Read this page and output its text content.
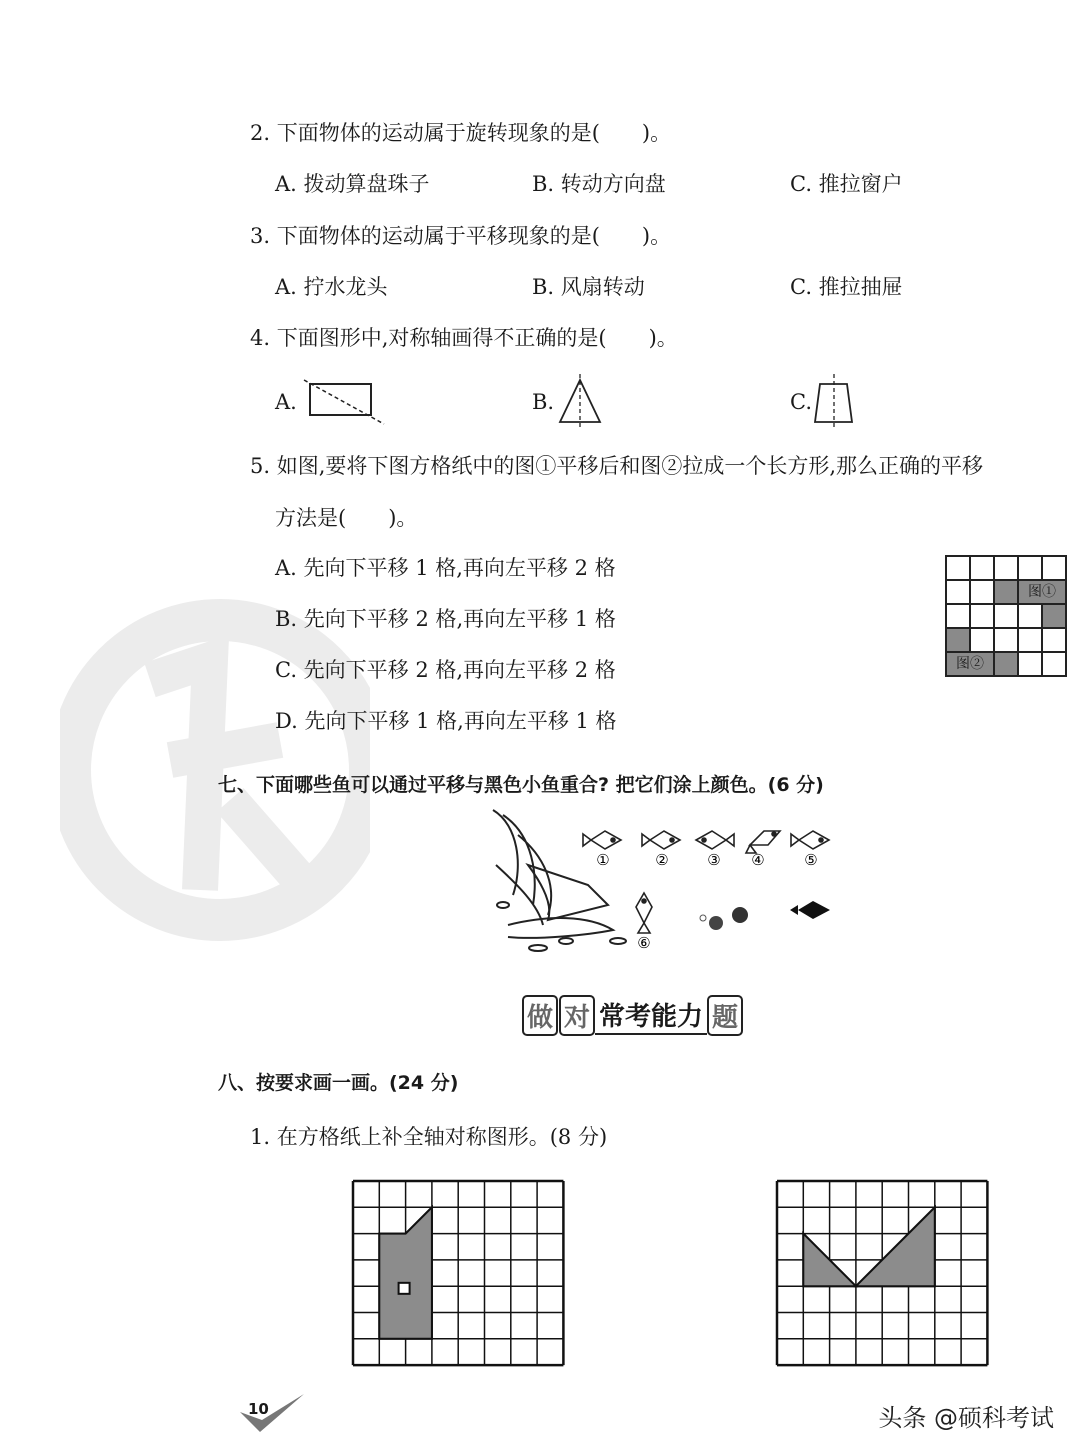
2. 下面物体的运动属于旋转现象的是(　　)。
A. 拨动算盘珠子	B. 转动方向盘	C. 推拉窗户
3. 下面物体的运动属于平移现象的是(　　)。
A. 拧水龙头	B. 风扇转动	C. 推拉抽屉
4. 下面图形中,对称轴画得不正确的是(　　)。
A.	B.	C.
5. 如图,要将下图方格纸中的图①平移后和图②拉成一个长方形,那么正确的平移
方法是(　　)。
A. 先向下平移 1 格,再向左平移 2 格
B. 先向下平移 2 格,再向左平移 1 格
C. 先向下平移 2 格,再向左平移 2 格
D. 先向下平移 1 格,再向左平移 1 格
图①
图②
七、下面哪些鱼可以通过平移与黑色小鱼重合? 把它们涂上颜色。(6 分)
①	②	③ ④	⑤
⑥
做 对 常考能力 题
八、按要求画一画。(24 分)
1. 在方格纸上补全轴对称图形。(8 分)
10	头条 @硕科考试
